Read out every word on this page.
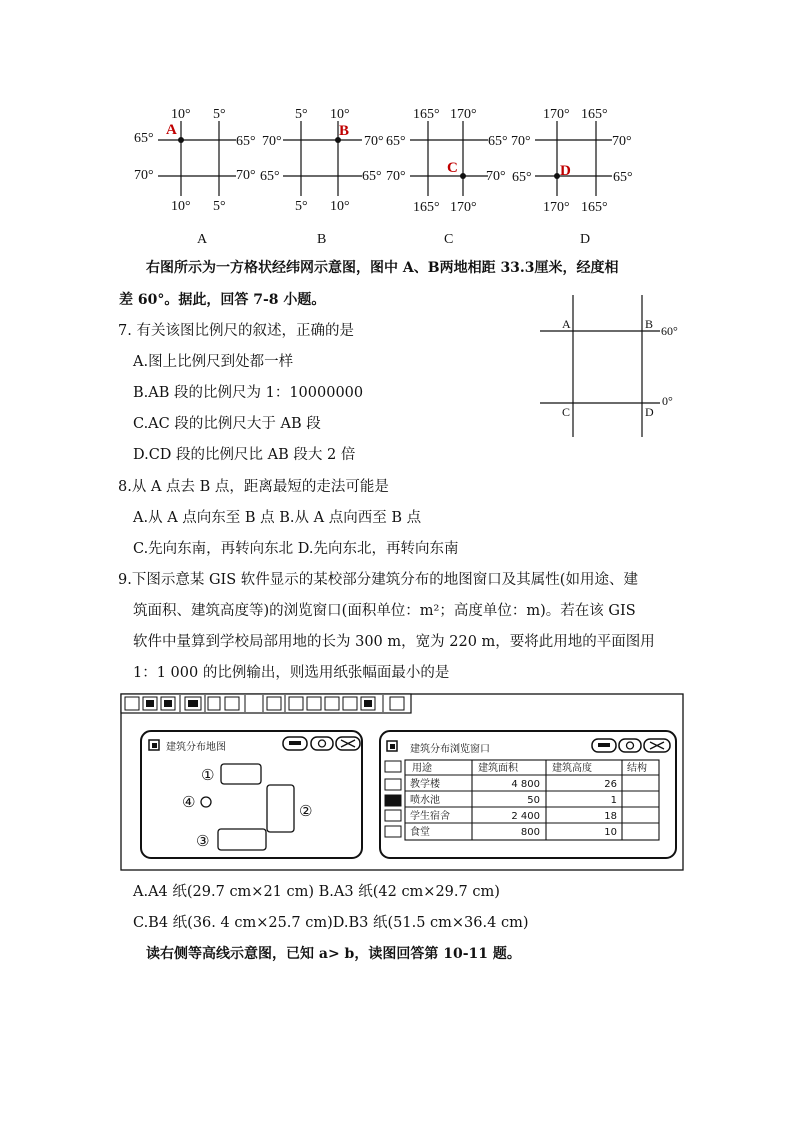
10° 5°
10° 5°
65°	65°
70°	70°
A
5° 10°
5° 10°
70°	70°
65°	65°
B
165° 170°
165° 170°
65°	65°
70°	70°
C
170° 165°
170° 165°
70°	70°
65°	65°
D
A	B
C	D
右图所示为一方格状经纬网示意图，图中 A、B两地相距 33.3厘米，经度相
差 60°。据此，回答 7-8 小题。
A	B
C	D
60°
0°
7. 有关该图比例尺的叙述，正确的是
A.图上比例尺到处都一样
B.AB 段的比例尺为 1：10000000
C.AC 段的比例尺大于 AB 段
D.CD 段的比例尺比 AB 段大 2 倍
8.从 A 点去 B 点，距离最短的走法可能是
A.从 A 点向东至 B 点 B.从 A 点向西至 B 点
C.先向东南，再转向东北 D.先向东北，再转向东南
9.下图示意某 GIS 软件显示的某校部分建筑分布的地图窗口及其属性(如用途、建
筑面积、建筑高度等)的浏览窗口(面积单位：m²；高度单位：m)。若在该 GIS
软件中量算到学校局部用地的长为 300 m，宽为 220 m，要将此用地的平面图用
1：1 000 的比例输出，则选用纸张幅面最小的是
建筑分布地图
①
②
③
④
建筑分布浏览窗口
用途	建筑面积	建筑高度	结构
教学楼	4 800	26
喷水池	50	1
学生宿舍	2 400	18
食堂	800	10
A.A4 纸(29.7 cm×21 cm) B.A3 纸(42 cm×29.7 cm)
C.B4 纸(36. 4 cm×25.7 cm)D.B3 纸(51.5 cm×36.4 cm)
读右侧等高线示意图，已知 a> b，读图回答第 10-11 题。
